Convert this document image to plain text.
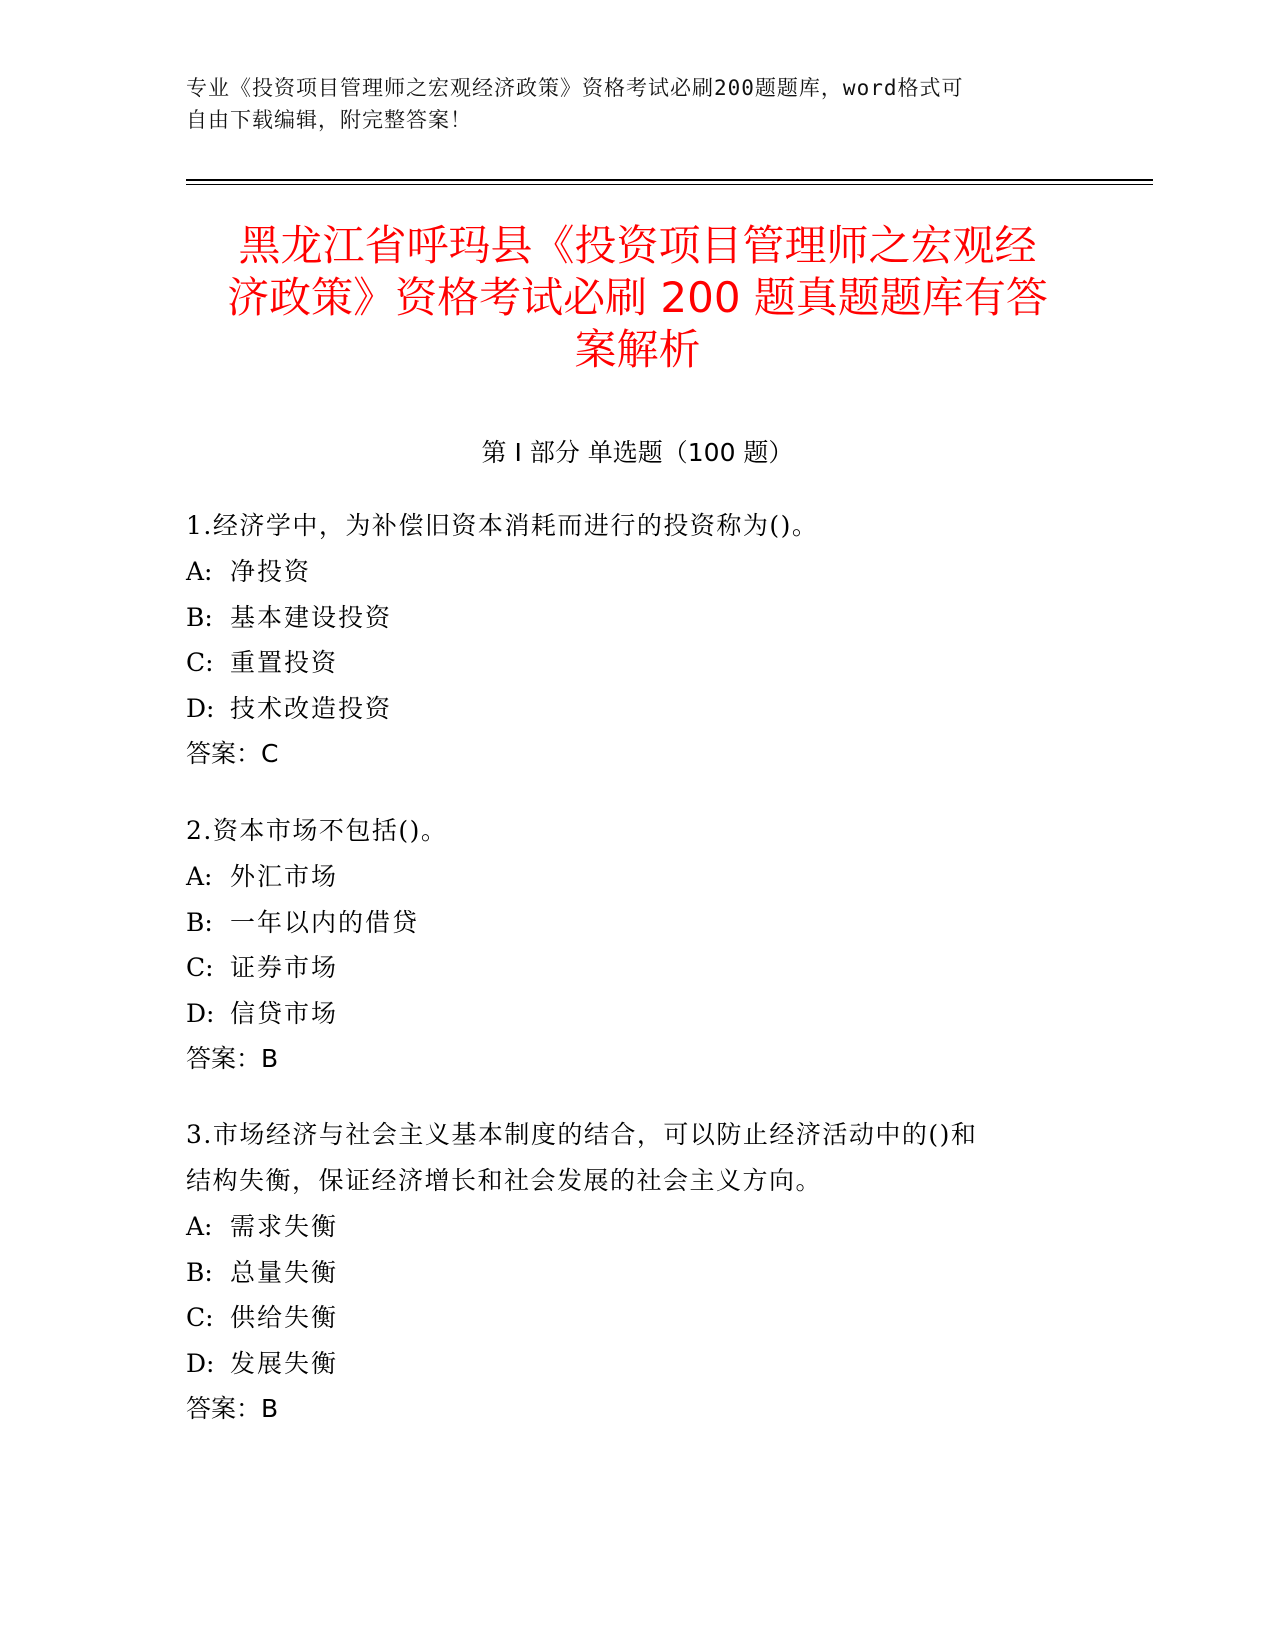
专业《投资项目管理师之宏观经济政策》资格考试必刷200题题库，word格式可
自由下载编辑，附完整答案！
黑龙江省呼玛县《投资项目管理师之宏观经
济政策》资格考试必刷 200 题真题题库有答
案解析
第 I 部分 单选题（100 题）

1.经济学中，为补偿旧资本消耗而进行的投资称为()。

A: 净投资

B: 基本建设投资

C: 重置投资

D: 技术改造投资

答案：C

2.资本市场不包括()。

A: 外汇市场

B: 一年以内的借贷

C: 证券市场

D: 信贷市场

答案：B

3.市场经济与社会主义基本制度的结合，可以防止经济活动中的()和

结构失衡，保证经济增长和社会发展的社会主义方向。

A: 需求失衡

B: 总量失衡

C: 供给失衡

D: 发展失衡

答案：B
